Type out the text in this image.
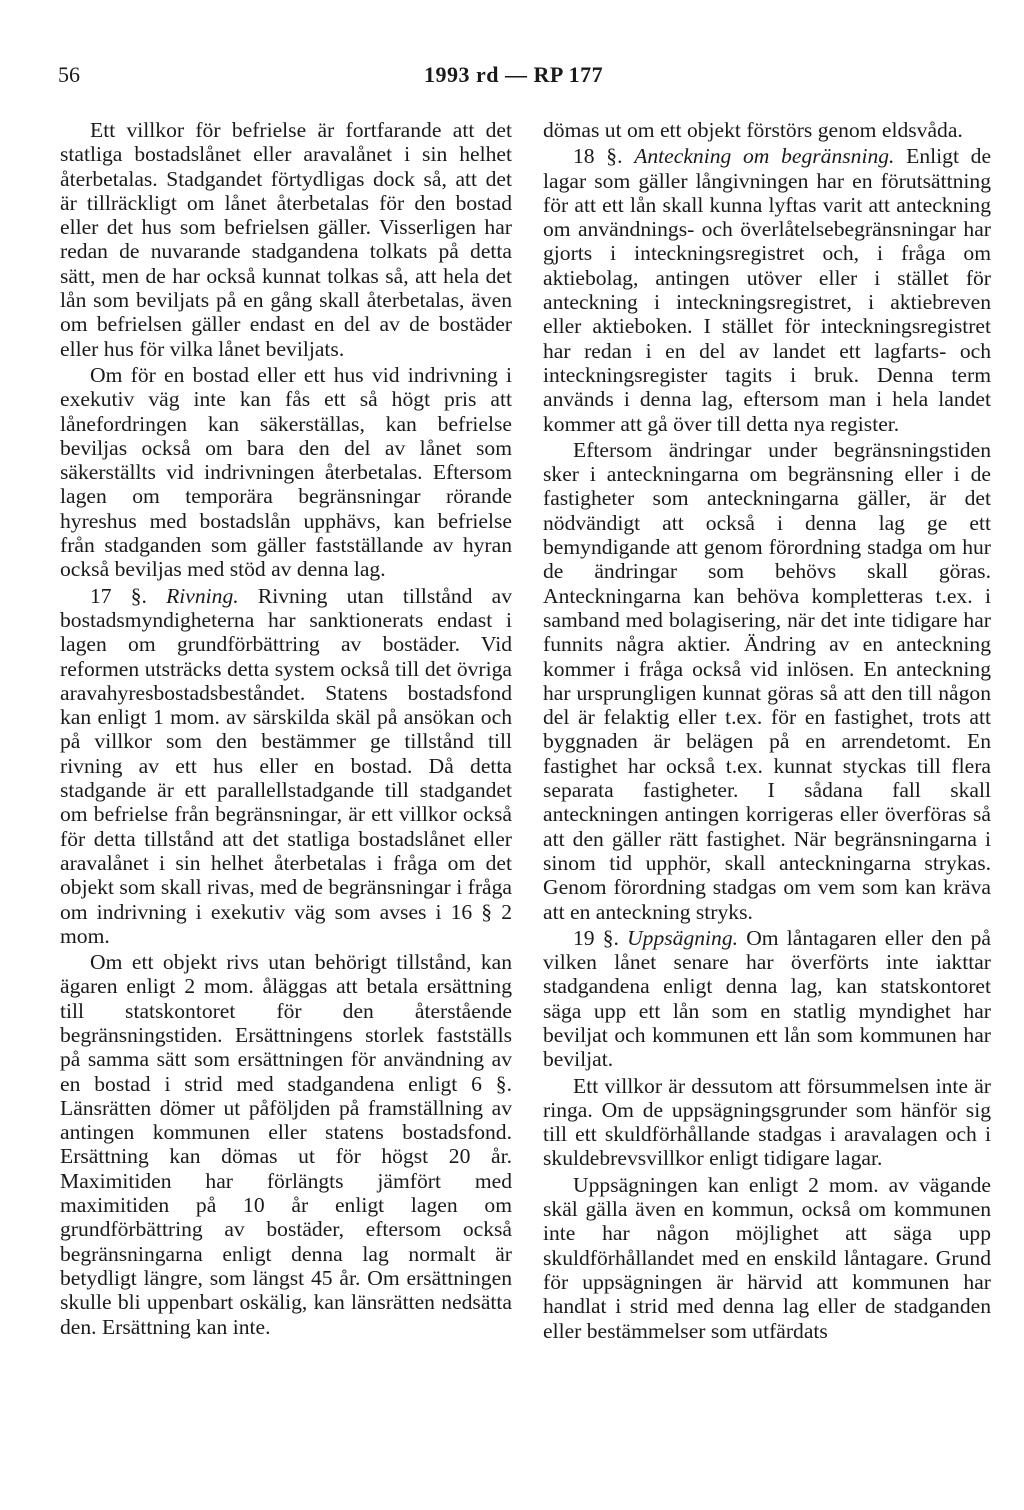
56	1993 rd — RP 177

Ett villkor för befrielse är fortfarande att det statliga bostadslånet eller aravalånet i sin helhet återbetalas. Stadgandet förtydligas dock så, att det är tillräckligt om lånet återbetalas för den bostad eller det hus som befrielsen gäller. Visserligen har redan de nuvarande stadgandena tolkats på detta sätt, men de har också kunnat tolkas så, att hela det lån som beviljats på en gång skall återbetalas, även om befrielsen gäller endast en del av de bostäder eller hus för vilka lånet beviljats.

Om för en bostad eller ett hus vid indrivning i exekutiv väg inte kan fås ett så högt pris att lånefordringen kan säkerställas, kan befrielse beviljas också om bara den del av lånet som säkerställts vid indrivningen återbetalas. Eftersom lagen om temporära begränsningar rörande hyreshus med bostadslån upphävs, kan befrielse från stadganden som gäller fastställande av hyran också beviljas med stöd av denna lag.

17 §. Rivning. Rivning utan tillstånd av bostadsmyndigheterna har sanktionerats endast i lagen om grundförbättring av bostäder. Vid reformen utsträcks detta system också till det övriga aravahyresbostadsbeståndet. Statens bostadsfond kan enligt 1 mom. av särskilda skäl på ansökan och på villkor som den bestämmer ge tillstånd till rivning av ett hus eller en bostad. Då detta stadgande är ett parallellstadgande till stadgandet om befrielse från begränsningar, är ett villkor också för detta tillstånd att det statliga bostadslånet eller aravalånet i sin helhet återbetalas i fråga om det objekt som skall rivas, med de begränsningar i fråga om indrivning i exekutiv väg som avses i 16 § 2 mom.

Om ett objekt rivs utan behörigt tillstånd, kan ägaren enligt 2 mom. åläggas att betala ersättning till statskontoret för den återstående begränsningstiden. Ersättningens storlek fastställs på samma sätt som ersättningen för användning av en bostad i strid med stadgandena enligt 6 §. Länsrätten dömer ut påföljden på framställning av antingen kommunen eller statens bostadsfond. Ersättning kan dömas ut för högst 20 år. Maximitiden har förlängts jämfört med maximitiden på 10 år enligt lagen om grundförbättring av bostäder, eftersom också begränsningarna enligt denna lag normalt är betydligt längre, som längst 45 år. Om ersättningen skulle bli uppenbart oskälig, kan länsrätten nedsätta den. Ersättning kan inte.

dömas ut om ett objekt förstörs genom eldsvåda.

18 §. Anteckning om begränsning. Enligt de lagar som gäller långivningen har en förutsättning för att ett lån skall kunna lyftas varit att anteckning om användnings- och överlåtelsebegränsningar har gjorts i inteckningsregistret och, i fråga om aktiebolag, antingen utöver eller i stället för anteckning i inteckningsregistret, i aktiebreven eller aktieboken. I stället för inteckningsregistret har redan i en del av landet ett lagfarts- och inteckningsregister tagits i bruk. Denna term används i denna lag, eftersom man i hela landet kommer att gå över till detta nya register.

Eftersom ändringar under begränsningstiden sker i anteckningarna om begränsning eller i de fastigheter som anteckningarna gäller, är det nödvändigt att också i denna lag ge ett bemyndigande att genom förordning stadga om hur de ändringar som behövs skall göras. Anteckningarna kan behöva kompletteras t.ex. i samband med bolagisering, när det inte tidigare har funnits några aktier. Ändring av en anteckning kommer i fråga också vid inlösen. En anteckning har ursprungligen kunnat göras så att den till någon del är felaktig eller t.ex. för en fastighet, trots att byggnaden är belägen på en arrendetomt. En fastighet har också t.ex. kunnat styckas till flera separata fastigheter. I sådana fall skall anteckningen antingen korrigeras eller överföras så att den gäller rätt fastighet. När begränsningarna i sinom tid upphör, skall anteckningarna strykas. Genom förordning stadgas om vem som kan kräva att en anteckning stryks.

19 §. Uppsägning. Om låntagaren eller den på vilken lånet senare har överförts inte iakttar stadgandena enligt denna lag, kan statskontoret säga upp ett lån som en statlig myndighet har beviljat och kommunen ett lån som kommunen har beviljat.

Ett villkor är dessutom att försummelsen inte är ringa. Om de uppsägningsgrunder som hänför sig till ett skuldförhållande stadgas i aravalagen och i skuldebrevsvillkor enligt tidigare lagar.

Uppsägningen kan enligt 2 mom. av vägande skäl gälla även en kommun, också om kommunen inte har någon möjlighet att säga upp skuldförhållandet med en enskild låntagare. Grund för uppsägningen är härvid att kommunen har handlat i strid med denna lag eller de stadganden eller bestämmelser som utfärdats
